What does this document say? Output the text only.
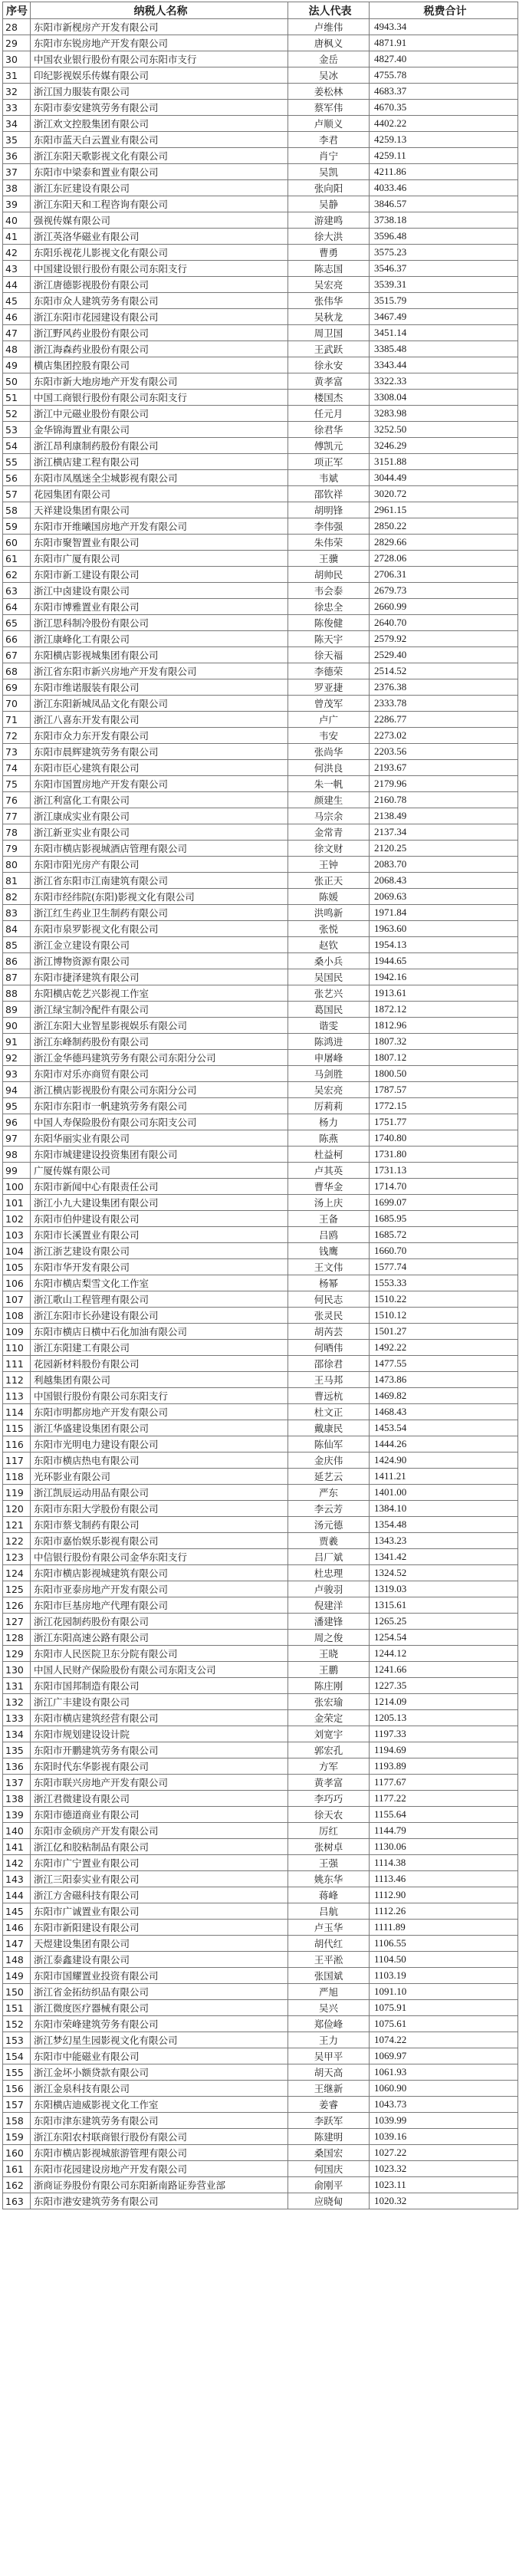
序号	纳税人名称	法人代表	税费合计
28	东阳市新枧房产开发有限公司	卢维伟	4943.34
29	东阳市东锐房地产开发有限公司	唐枫义	4871.91
30	中国农业银行股份有限公司东阳市支行	金岳	4827.40
31	印纪影视娱乐传媒有限公司	吴冰	4755.78
32	浙江国力服装有限公司	姜松林	4683.37
33	东阳市泰安建筑劳务有限公司	蔡军伟	4670.35
34	浙江欢文控股集团有限公司	卢顺义	4402.22
35	东阳市蓝天白云置业有限公司	李君	4259.13
36	浙江东阳天歌影视文化有限公司	肖宁	4259.11
37	东阳市中梁泰和置业有限公司	吴凯	4211.86
38	浙江东匠建设有限公司	张向阳	4033.46
39	浙江东阳天和工程咨询有限公司	吴静	3846.57
40	强视传媒有限公司	游建鸣	3738.18
41	浙江英洛华磁业有限公司	徐大洪	3596.48
42	东阳乐视花儿影视文化有限公司	曹勇	3575.23
43	中国建设银行股份有限公司东阳支行	陈志国	3546.37
44	浙江唐德影视股份有限公司	吴宏亮	3539.31
45	东阳市众人建筑劳务有限公司	张伟华	3515.79
46	浙江东阳市花园建设有限公司	吴秋龙	3467.49
47	浙江野风药业股份有限公司	周卫国	3451.14
48	浙江海森药业股份有限公司	王武跃	3385.48
49	横店集团控股有限公司	徐永安	3343.44
50	东阳市新大地房地产开发有限公司	黄孝富	3322.33
51	中国工商银行股份有限公司东阳支行	楼国杰	3308.04
52	浙江中元磁业股份有限公司	任元月	3283.98
53	金华锦海置业有限公司	徐君华	3252.50
54	浙江昂利康制药股份有限公司	傅凯元	3246.29
55	浙江横店建工程有限公司	项正军	3151.88
56	东阳市凤凰迷全尘城影视有限公司	韦斌	3044.49
57	花园集团有限公司	邵钦祥	3020.72
58	天祥建设集团有限公司	胡明锋	2961.15
59	东阳市开维曦国房地产开发有限公司	李伟强	2850.22
60	东阳市聚智置业有限公司	朱伟荣	2829.66
61	东阳市广厦有限公司	王骥	2728.06
62	东阳市新工建设有限公司	胡帅民	2706.31
63	浙江中卤建设有限公司	韦会泰	2679.73
64	东阳市博雅置业有限公司	徐忠全	2660.99
65	浙江思科制冷股份有限公司	陈俊健	2640.70
66	浙江康峰化工有限公司	陈天宇	2579.92
67	东阳横店影视城集团有限公司	徐天福	2529.40
68	浙江省东阳市新兴房地产开发有限公司	李德荣	2514.52
69	东阳市维诺服装有限公司	罗亚捷	2376.38
70	浙江东阳新城凤品文化有限公司	曾茂军	2333.78
71	浙江八喜东开发有限公司	卢广	2286.77
72	东阳市众力东开发有限公司	韦安	2273.02
73	东阳市晨辉建筑劳务有限公司	张尚华	2203.56
74	东阳市臣心建筑有限公司	何洪良	2193.67
75	东阳市国置房地产开发有限公司	朱一帆	2179.96
76	浙江利富化工有限公司	颜建生	2160.78
77	浙江康成实业有限公司	马宗余	2138.49
78	浙江新亚实业有限公司	金常青	2137.34
79	东阳市横店影视城酒店管理有限公司	徐文财	2120.25
80	东阳市阳光房产有限公司	王钟	2083.70
81	浙江省东阳市江南建筑有限公司	张正天	2068.43
82	东阳市经纬院(东阳)影视文化有限公司	陈媛	2069.63
83	浙江红生药业卫生制药有限公司	洪鸣新	1971.84
84	东阳市泉罗影视文化有限公司	张悦	1963.60
85	浙江金立建设有限公司	赵钦	1954.13
86	浙江博物资源有限公司	桑小兵	1944.65
87	东阳市捷泽建筑有限公司	吴国民	1942.16
88	东阳横店乾艺兴影视工作室	张艺兴	1913.61
89	浙江绿宝制冷配件有限公司	葛国民	1872.12
90	浙江东阳大业智星影视娱乐有限公司	谐雯	1812.96
91	浙江东峰制药股份有限公司	陈鸿进	1807.32
92	浙江金华德玛建筑劳务有限公司东阳分公司	申屠峰	1807.12
93	东阳市对乐亦商贸有限公司	马剑胜	1800.50
94	浙江横店影视股份有限公司东阳分公司	吴宏亮	1787.57
95	东阳市东阳市一帆建筑劳务有限公司	厉莉莉	1772.15
96	中国人寿保险股份有限公司东阳支公司	杨力	1751.77
97	东阳华丽实业有限公司	陈燕	1740.80
98	东阳市城建建设投资集团有限公司	杜益柯	1731.80
99	广厦传媒有限公司	卢其英	1731.13
100	东阳市新闻中心有限责任公司	曹华金	1714.70
101	浙江小九大建设集团有限公司	汤上庆	1699.07
102	东阳市伯仲建设有限公司	王备	1685.95
103	东阳市长溪置业有限公司	吕鸥	1685.72
104	浙江浙艺建设有限公司	钱鹰	1660.70
105	东阳市华开发有限公司	王文伟	1577.74
106	东阳市横店梨雪文化工作室	杨幂	1553.33
107	浙江歌山工程管理有限公司	何民志	1510.22
108	浙江东阳市长孙建设有限公司	张灵民	1510.12
109	东阳市横店日横中石化加油有限公司	胡芮芸	1501.27
110	浙江东阳建工有限公司	何晒伟	1492.22
111	花园新材料股份有限公司	邵徐君	1477.55
112	利越集团有限公司	王马邦	1473.86
113	中国银行股份有限公司东阳支行	曹远杭	1469.82
114	东阳市明都房地产开发有限公司	杜文正	1468.43
115	浙江华盛建设集团有限公司	戴康民	1453.54
116	东阳市光明电力建设有限公司	陈仙军	1444.26
117	东阳市横店热电有限公司	金庆伟	1424.90
118	光环影业有限公司	延艺云	1411.21
119	浙江凯辰运动用品有限公司	严东	1401.00
120	东阳市东阳大学股份有限公司	李云芳	1384.10
121	东阳市蔡戈制药有限公司	汤元德	1354.48
122	东阳市嘉怡娱乐影视有限公司	贾羲	1343.23
123	中信银行股份有限公司金华东阳支行	吕厂斌	1341.42
124	东阳市横店影视城建筑有限公司	杜忠理	1324.52
125	东阳市亚泰房地产开发有限公司	卢骏羽	1319.03
126	东阳市巨基房地产代理有限公司	倪建洋	1315.61
127	浙江花园制药股份有限公司	潘建锋	1265.25
128	浙江东阳高速公路有限公司	周之俊	1254.54
129	东阳市人民医院卫东分院有限公司	王晓	1244.12
130	中国人民财产保险股份有限公司东阳支公司	王鹏	1241.66
131	东阳市国邦制造有限公司	陈庄刚	1227.35
132	浙江广丰建设有限公司	张宏瑜	1214.09
133	东阳市横店建筑经营有限公司	金荣定	1205.13
134	东阳市规划建设设计院	刘宽宇	1197.33
135	东阳市开鹏建筑劳务有限公司	郭宏孔	1194.69
136	东阳时代东华影视有限公司	方军	1193.89
137	东阳市联兴房地产开发有限公司	黄孝富	1177.67
138	浙江君微建设有限公司	李巧巧	1177.22
139	东阳市德道商业有限公司	徐天农	1155.64
140	东阳市金硕房产开发有限公司	厉红	1144.79
141	浙江亿和胶粘制品有限公司	张树卓	1130.06
142	东阳市广宁置业有限公司	王强	1114.38
143	浙江三阳泰实业有限公司	姚东华	1113.46
144	浙江方舍磁科技有限公司	蒋峰	1112.90
145	东阳市广诚置业有限公司	吕航	1112.26
146	东阳市新阳建设有限公司	卢玉华	1111.89
147	天煜建设集团有限公司	胡代红	1106.55
148	浙江泰鑫建设有限公司	王平淞	1104.50
149	东阳市国耀置业投资有限公司	张国斌	1103.19
150	浙江省金拓纺织品有限公司	严旭	1091.10
151	浙江微度医疗器械有限公司	吴兴	1075.91
152	东阳市荣峰建筑劳务有限公司	郑俭峰	1075.61
153	浙江梦幻星生园影视文化有限公司	王力	1074.22
154	东阳市中能磁业有限公司	吴甲平	1069.97
155	浙江金坏小额贷款有限公司	胡天高	1061.93
156	浙江金泉科技有限公司	王继新	1060.90
157	东阳横店迪威影视文化工作室	姜睿	1043.73
158	东阳市津东建筑劳务有限公司	李跃军	1039.99
159	浙江东阳农村联商银行股份有限公司	陈建明	1039.16
160	东阳市横店影视城旅游管理有限公司	桑国宏	1027.22
161	东阳市花园建设房地产开发有限公司	何国庆	1023.32
162	浙商证券股份有限公司东阳新南路证券营业部	俞刚平	1023.11
163	东阳市港安建筑劳务有限公司	应晓甸	1020.32
